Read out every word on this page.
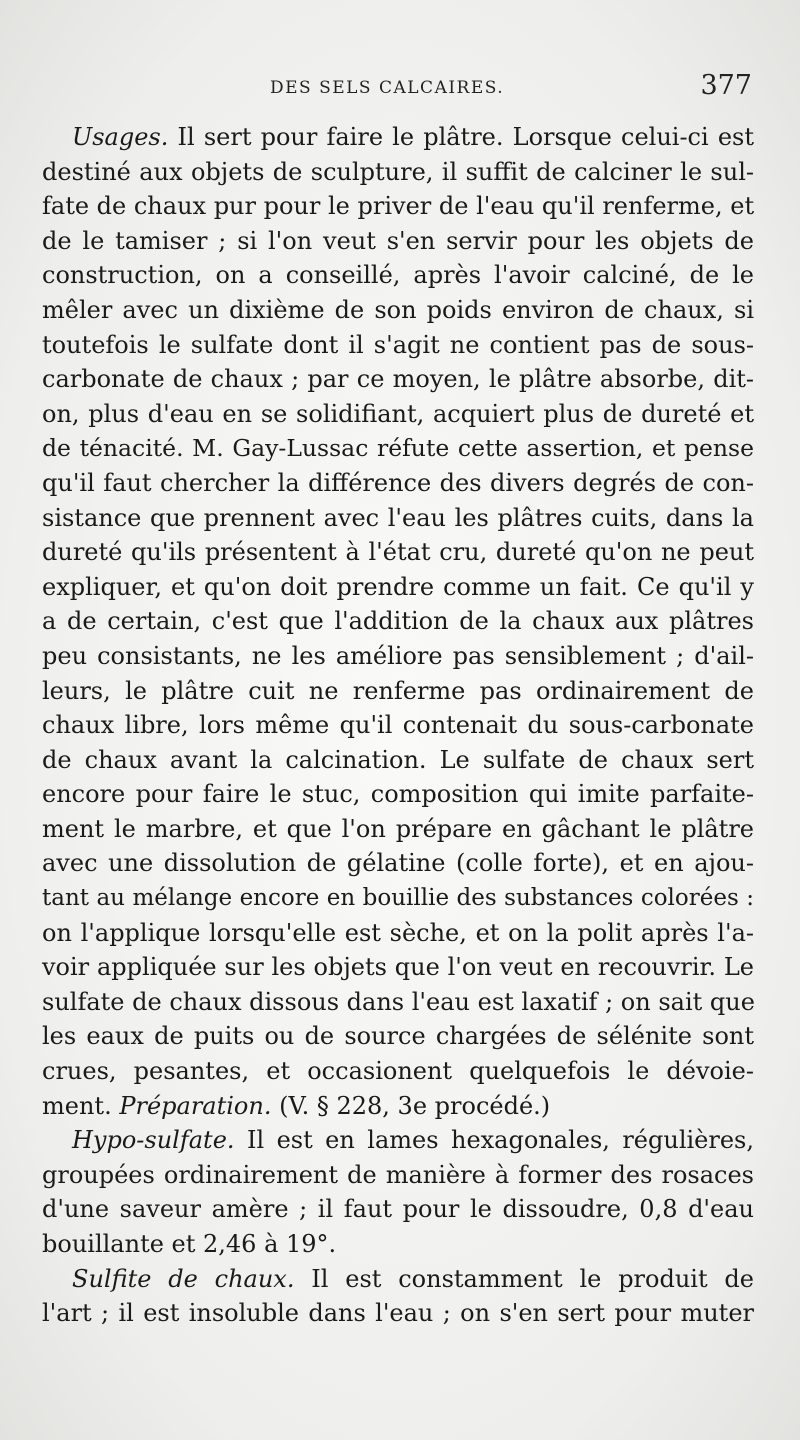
DES SELS CALCAIRES.	377
Usages. Il sert pour faire le plâtre. Lorsque celui-ci est
destiné aux objets de sculpture, il suffit de calciner le sul-
fate de chaux pur pour le priver de l'eau qu'il renferme, et
de le tamiser ; si l'on veut s'en servir pour les objets de
construction, on a conseillé, après l'avoir calciné, de le
mêler avec un dixième de son poids environ de chaux, si
toutefois le sulfate dont il s'agit ne contient pas de sous-
carbonate de chaux ; par ce moyen, le plâtre absorbe, dit-
on, plus d'eau en se solidifiant, acquiert plus de dureté et
de ténacité. M. Gay-Lussac réfute cette assertion, et pense
qu'il faut chercher la différence des divers degrés de con-
sistance que prennent avec l'eau les plâtres cuits, dans la
dureté qu'ils présentent à l'état cru, dureté qu'on ne peut
expliquer, et qu'on doit prendre comme un fait. Ce qu'il y
a de certain, c'est que l'addition de la chaux aux plâtres
peu consistants, ne les améliore pas sensiblement ; d'ail-
leurs, le plâtre cuit ne renferme pas ordinairement de
chaux libre, lors même qu'il contenait du sous-carbonate
de chaux avant la calcination. Le sulfate de chaux sert
encore pour faire le stuc, composition qui imite parfaite-
ment le marbre, et que l'on prépare en gâchant le plâtre
avec une dissolution de gélatine (colle forte), et en ajou-
tant au mélange encore en bouillie des substances colorées :
on l'applique lorsqu'elle est sèche, et on la polit après l'a-
voir appliquée sur les objets que l'on veut en recouvrir. Le
sulfate de chaux dissous dans l'eau est laxatif ; on sait que
les eaux de puits ou de source chargées de sélénite sont
crues, pesantes, et occasionent quelquefois le dévoie-
ment. Préparation. (V. § 228, 3e procédé.)
Hypo-sulfate. Il est en lames hexagonales, régulières,
groupées ordinairement de manière à former des rosaces
d'une saveur amère ; il faut pour le dissoudre, 0,8 d'eau
bouillante et 2,46 à 19°.
Sulfite de chaux. Il est constamment le produit de
l'art ; il est insoluble dans l'eau ; on s'en sert pour muter
